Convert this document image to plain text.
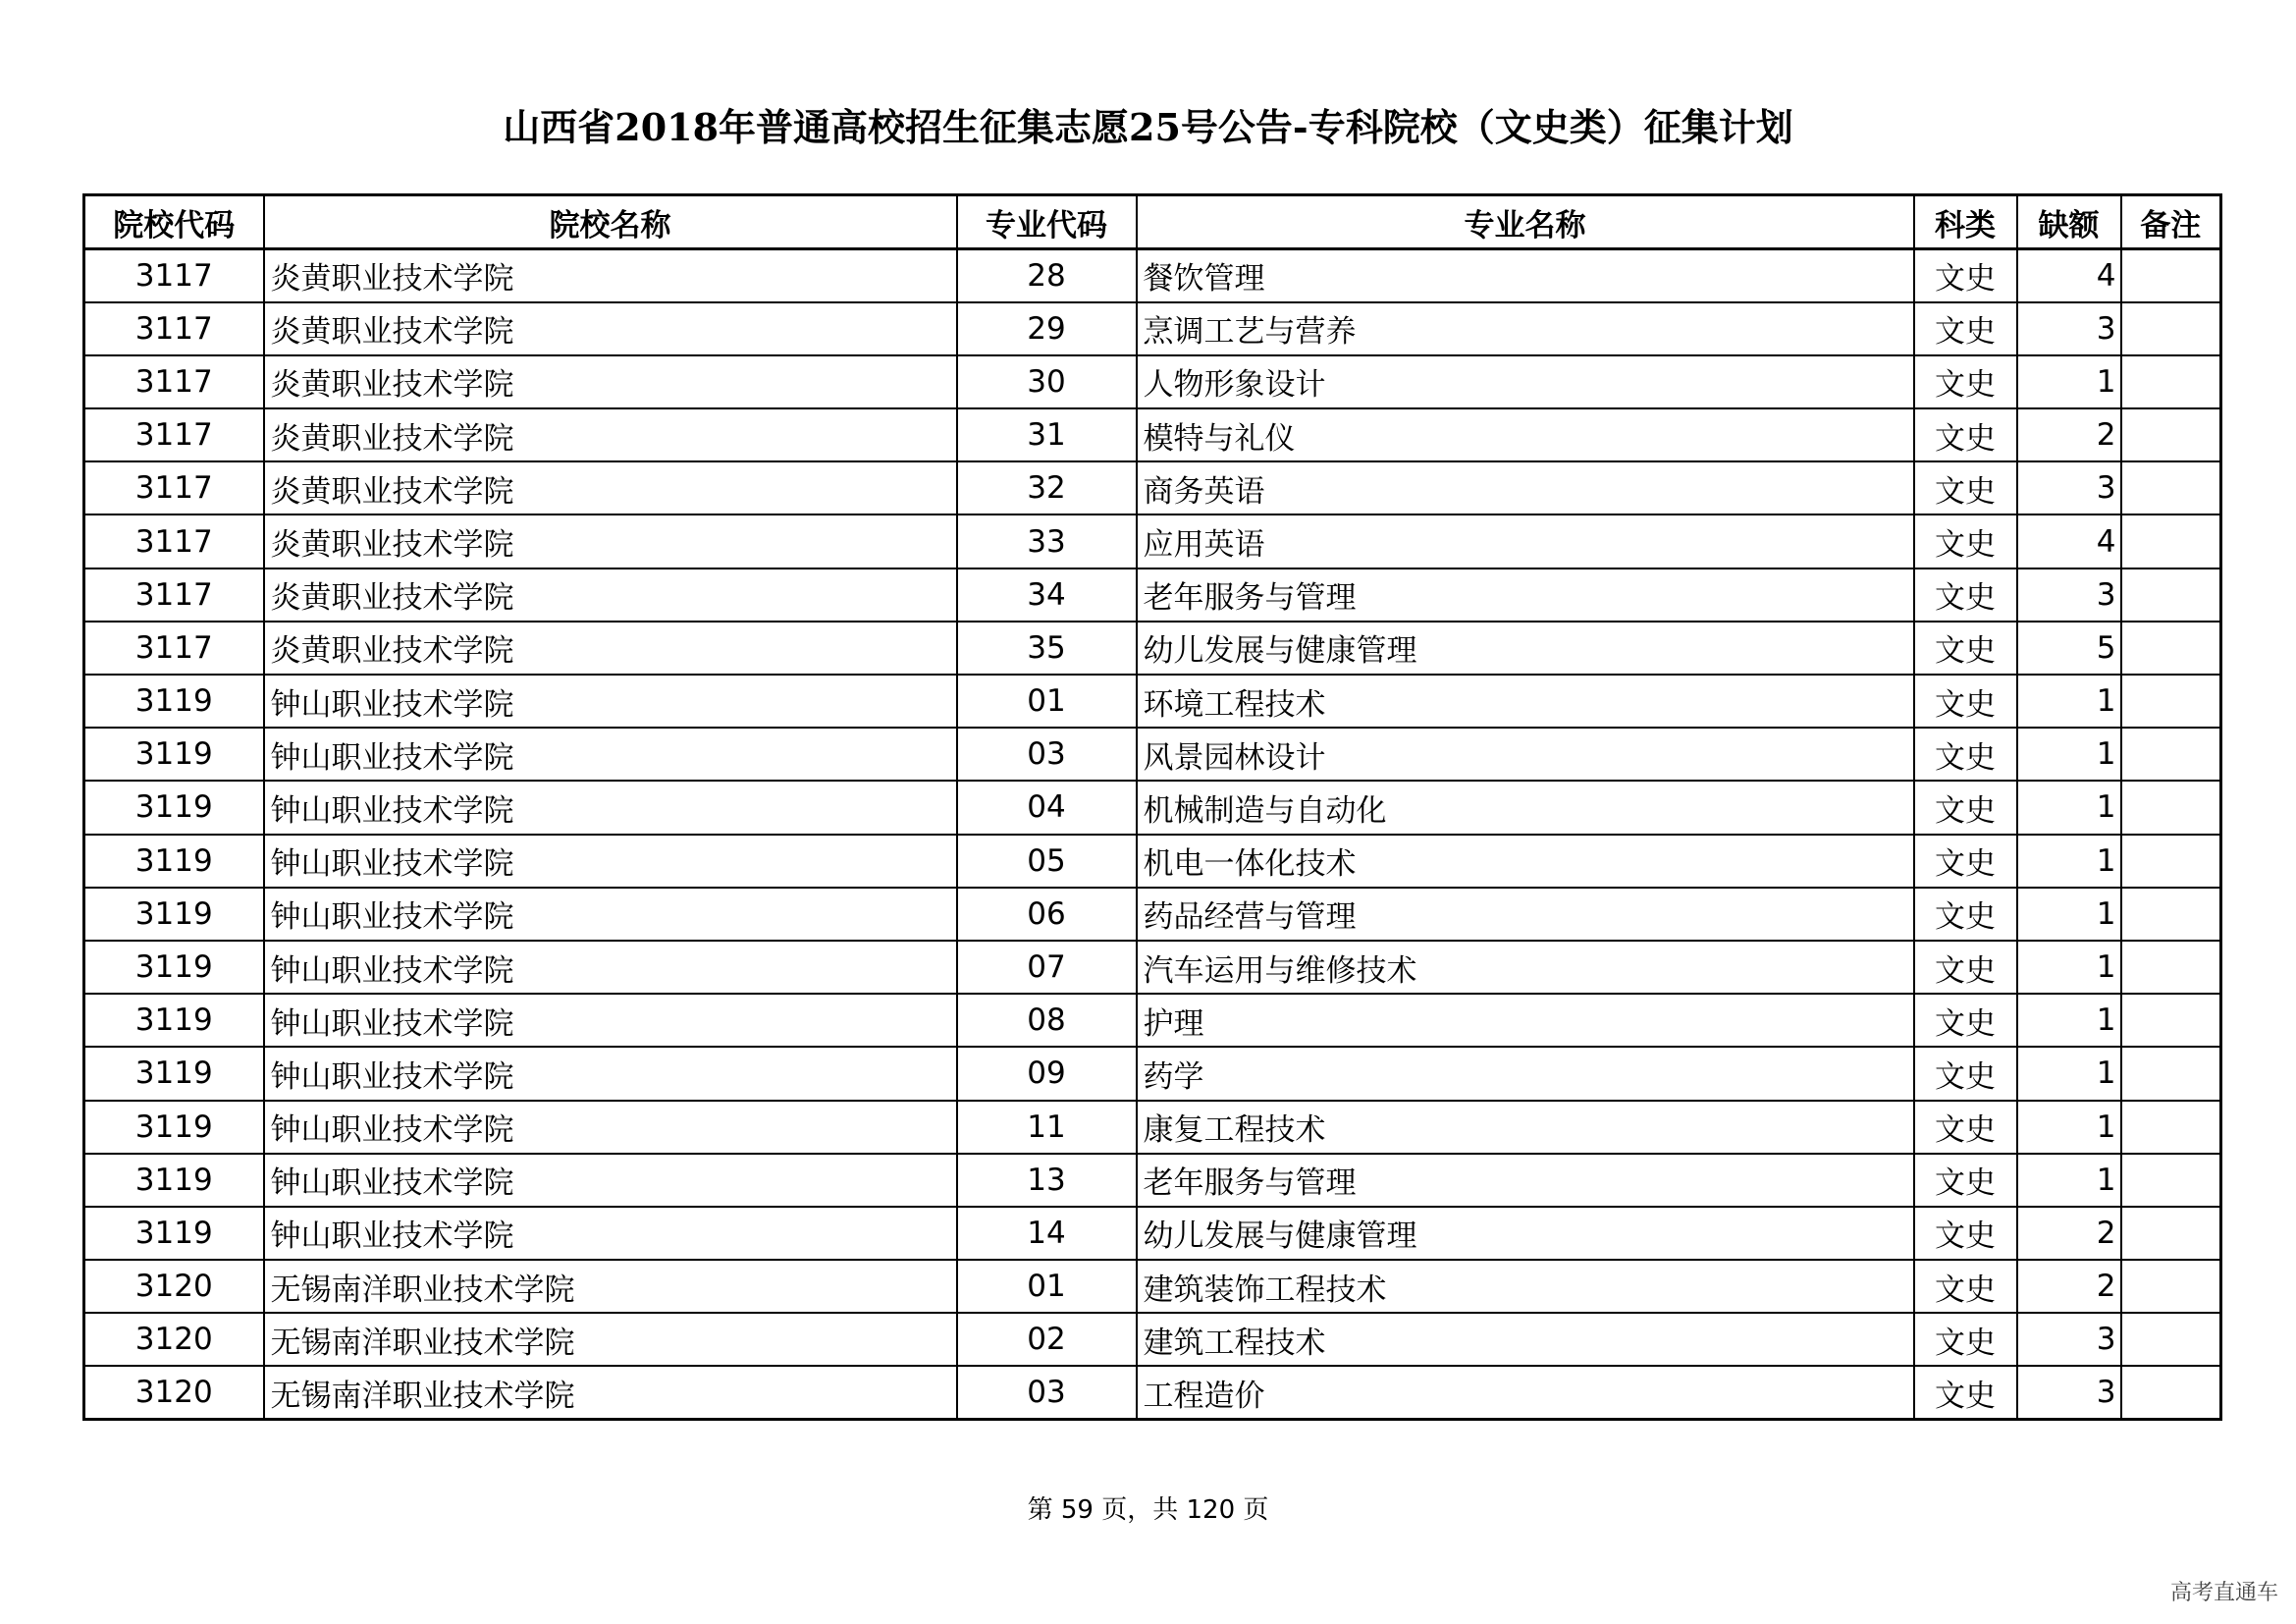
山西省2018年普通高校招生征集志愿25号公告-专科院校（文史类）征集计划
院校代码	院校名称	专业代码	专业名称	科类	缺额	备注
3117	炎黄职业技术学院	28	餐饮管理	文史	4	
3117	炎黄职业技术学院	29	烹调工艺与营养	文史	3	
3117	炎黄职业技术学院	30	人物形象设计	文史	1	
3117	炎黄职业技术学院	31	模特与礼仪	文史	2	
3117	炎黄职业技术学院	32	商务英语	文史	3	
3117	炎黄职业技术学院	33	应用英语	文史	4	
3117	炎黄职业技术学院	34	老年服务与管理	文史	3	
3117	炎黄职业技术学院	35	幼儿发展与健康管理	文史	5	
3119	钟山职业技术学院	01	环境工程技术	文史	1	
3119	钟山职业技术学院	03	风景园林设计	文史	1	
3119	钟山职业技术学院	04	机械制造与自动化	文史	1	
3119	钟山职业技术学院	05	机电一体化技术	文史	1	
3119	钟山职业技术学院	06	药品经营与管理	文史	1	
3119	钟山职业技术学院	07	汽车运用与维修技术	文史	1	
3119	钟山职业技术学院	08	护理	文史	1	
3119	钟山职业技术学院	09	药学	文史	1	
3119	钟山职业技术学院	11	康复工程技术	文史	1	
3119	钟山职业技术学院	13	老年服务与管理	文史	1	
3119	钟山职业技术学院	14	幼儿发展与健康管理	文史	2	
3120	无锡南洋职业技术学院	01	建筑装饰工程技术	文史	2	
3120	无锡南洋职业技术学院	02	建筑工程技术	文史	3	
3120	无锡南洋职业技术学院	03	工程造价	文史	3	
第 59 页，共 120 页
高考直通车
